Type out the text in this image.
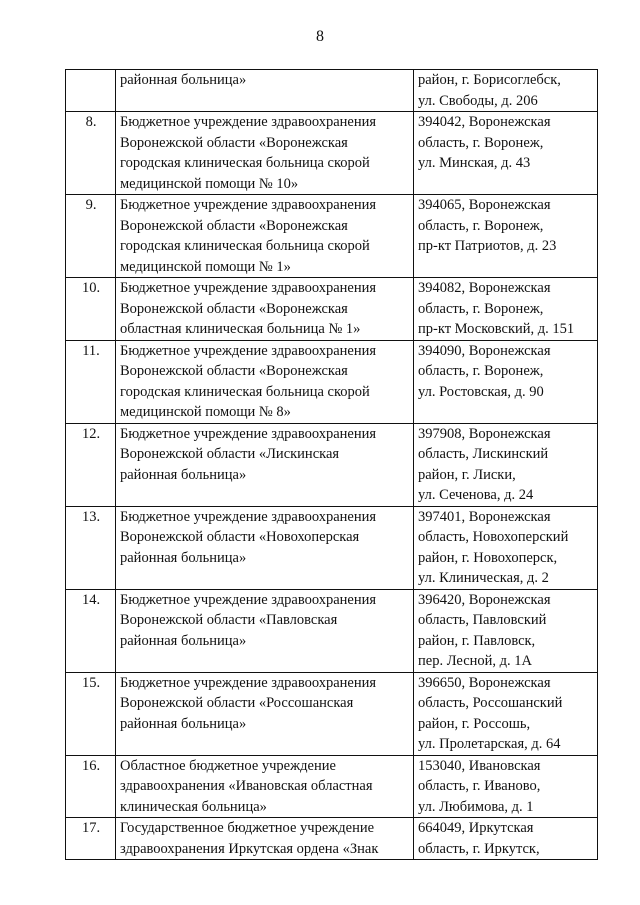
8

	районная больница»	район, г. Борисоглебск,
ул. Свободы, д. 206

8.	Бюджетное учреждение здравоохранения
Воронежской области «Воронежская
городская клиническая больница скорой
медицинской помощи № 10»	394042, Воронежская
область, г. Воронеж,
ул. Минская, д. 43

9.	Бюджетное учреждение здравоохранения
Воронежской области «Воронежская
городская клиническая больница скорой
медицинской помощи № 1»	394065, Воронежская
область, г. Воронеж,
пр-кт Патриотов, д. 23

10.	Бюджетное учреждение здравоохранения
Воронежской области «Воронежская
областная клиническая больница № 1»	394082, Воронежская
область, г. Воронеж,
пр-кт Московский, д. 151

11.	Бюджетное учреждение здравоохранения
Воронежской области «Воронежская
городская клиническая больница скорой
медицинской помощи № 8»	394090, Воронежская
область, г. Воронеж,
ул. Ростовская, д. 90

12.	Бюджетное учреждение здравоохранения
Воронежской области «Лискинская
районная больница»	397908, Воронежская
область, Лискинский
район, г. Лиски,
ул. Сеченова, д. 24

13.	Бюджетное учреждение здравоохранения
Воронежской области «Новохоперская
районная больница»	397401, Воронежская
область, Новохоперский
район, г. Новохоперск,
ул. Клиническая, д. 2

14.	Бюджетное учреждение здравоохранения
Воронежской области «Павловская
районная больница»	396420, Воронежская
область, Павловский
район, г. Павловск,
пер. Лесной, д. 1А

15.	Бюджетное учреждение здравоохранения
Воронежской области «Россошанская
районная больница»	396650, Воронежская
область, Россошанский
район, г. Россошь,
ул. Пролетарская, д. 64

16.	Областное бюджетное учреждение
здравоохранения «Ивановская областная
клиническая больница»	153040, Ивановская
область, г. Иваново,
ул. Любимова, д. 1

17.	Государственное бюджетное учреждение
здравоохранения Иркутская ордена «Знак	664049, Иркутская
область, г. Иркутск,
